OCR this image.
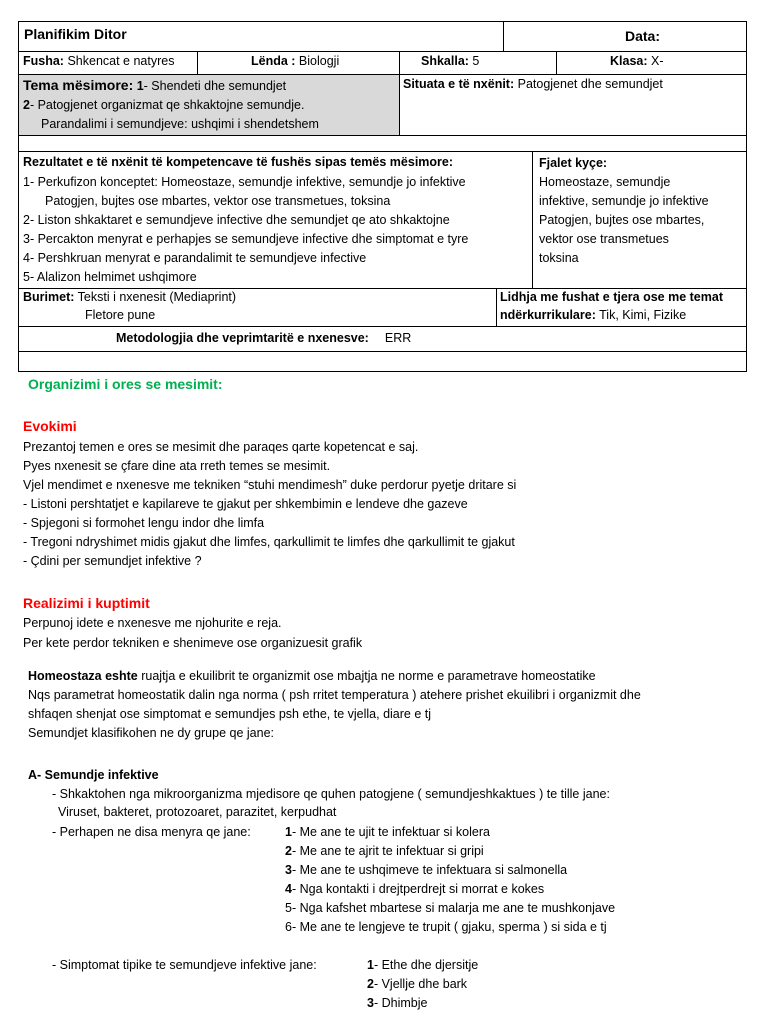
Planifikim Ditor	Data:
Fusha: Shkencat e natyres	Lënda : Biologji	Shkalla: 5	Klasa: X-
Tema mësimore: 1- Shendeti dhe semundjet
2- Patogjenet organizmat qe shkaktojne semundje.
Parandalimi i semundjeve: ushqimi i shendetshem
Situata e të nxënit: Patogjenet dhe semundjet
Rezultatet e të nxënit të kompetencave të fushës sipas temës mësimore:
1- Perkufizon konceptet: Homeostaze, semundje infektive, semundje jo infektive
Patogjen, bujtes ose mbartes, vektor ose transmetues, toksina
2- Liston shkaktaret e semundjeve infective dhe semundjet qe ato shkaktojne
3- Percakton menyrat e perhapjes se semundjeve infective dhe simptomat e tyre
4- Pershkruan menyrat e parandalimit te semundjeve infective
5- Alalizon helmimet ushqimore
Fjalet kyçe:
Homeostaze, semundje
infektive, semundje jo infektive
Patogjen, bujtes ose mbartes,
vektor ose transmetues
toksina
Burimet: Teksti i nxenesit (Mediaprint)
Fletore pune
Lidhja me fushat e tjera ose me temat
ndërkurrikulare: Tik, Kimi, Fizike
Metodologjia dhe veprimtaritë e nxenesve: ERR
Organizimi i ores se mesimit:
Evokimi
Prezantoj temen e ores se mesimit dhe paraqes qarte kopetencat e saj.
Pyes nxenesit se çfare dine ata rreth temes se mesimit.
Vjel mendimet e nxenesve me tekniken “stuhi mendimesh” duke perdorur pyetje dritare si
- Listoni pershtatjet e kapilareve te gjakut per shkembimin e lendeve dhe gazeve
- Spjegoni si formohet lengu indor dhe limfa
- Tregoni ndryshimet midis gjakut dhe limfes, qarkullimit te limfes dhe qarkullimit te gjakut
- Çdini per semundjet infektive ?
Realizimi i kuptimit
Perpunoj idete e nxenesve me njohurite e reja.
Per kete perdor tekniken e shenimeve ose organizuesit grafik
Homeostaza eshte ruajtja e ekuilibrit te organizmit ose mbajtja ne norme e parametrave homeostatike
Nqs parametrat homeostatik dalin nga norma ( psh rritet temperatura ) atehere prishet ekuilibri i organizmit dhe
shfaqen shenjat ose simptomat e semundjes psh ethe, te vjella, diare e tj
Semundjet klasifikohen ne dy grupe qe jane:
A- Semundje infektive
- Shkaktohen nga mikroorganizma mjedisore qe quhen patogjene ( semundjeshkaktues ) te tille jane:
Viruset, bakteret, protozoaret, parazitet, kerpudhat
- Perhapen ne disa menyra qe jane:	1- Me ane te ujit te infektuar si kolera
2- Me ane te ajrit te infektuar si gripi
3- Me ane te ushqimeve te infektuara si salmonella
4- Nga kontakti i drejtperdrejt si morrat e kokes
5- Nga kafshet mbartese si malarja me ane te mushkonjave
6- Me ane te lengjeve te trupit ( gjaku, sperma ) si sida e tj
- Simptomat tipike te semundjeve infektive jane:	1- Ethe dhe djersitje
2- Vjellje dhe bark
3- Dhimbje
